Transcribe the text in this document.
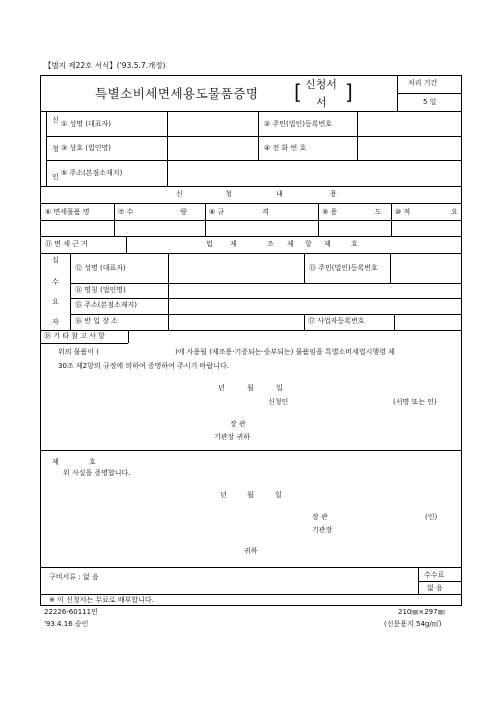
【별지 제22호 서식】('93.5.7.개정)
특별소비세면세용도물품증명 [ 신청서
서 ]	처리 기간
5 일
신
청
인
① 성명 (대표자)	② 주민(법인)등록번호
③ 상호 (법인명)	④ 전 화 번 호
⑤ 주소(본점소재지)
신	청	내	용
⑥ 면세물품 명	⑦ 수	량	⑧ 규	격	⑨ 용	도 ⑩ 적	요
⑪ 면 세 근 거	법 제	조 제 항 제	호
실
수
요
자
⑫ 성명 (대표자)	⑬ 주민(법인)등록번호
⑭ 명칭 (법인명)
⑮ 주소(본점소재지)
⑯ 반 입 장 소	⑰ 사업자등록번호
⑱ 기 타 참 고 사 항
위의 물품이 (	)에 사용될 (제조용·기증되는·승부되는) 물품임을 특별소비세법시행령 제
30조 제2항의 규정에 의하여 증명하여 주시기 바랍니다.
년	월	일
신청인	(서명 또는 인)
장 관
기관장 귀하
제	호
위 사실을 증명합니다.
년	월	일
장 관	(인)
기관장
귀하
구비서류 : 없 음	수수료
없 음
※ 이 신청서는 무료로 배부합니다.
22226-60111민	210㎜×297㎜
'93.4.16 승인	(신문용지 54g/㎡)
